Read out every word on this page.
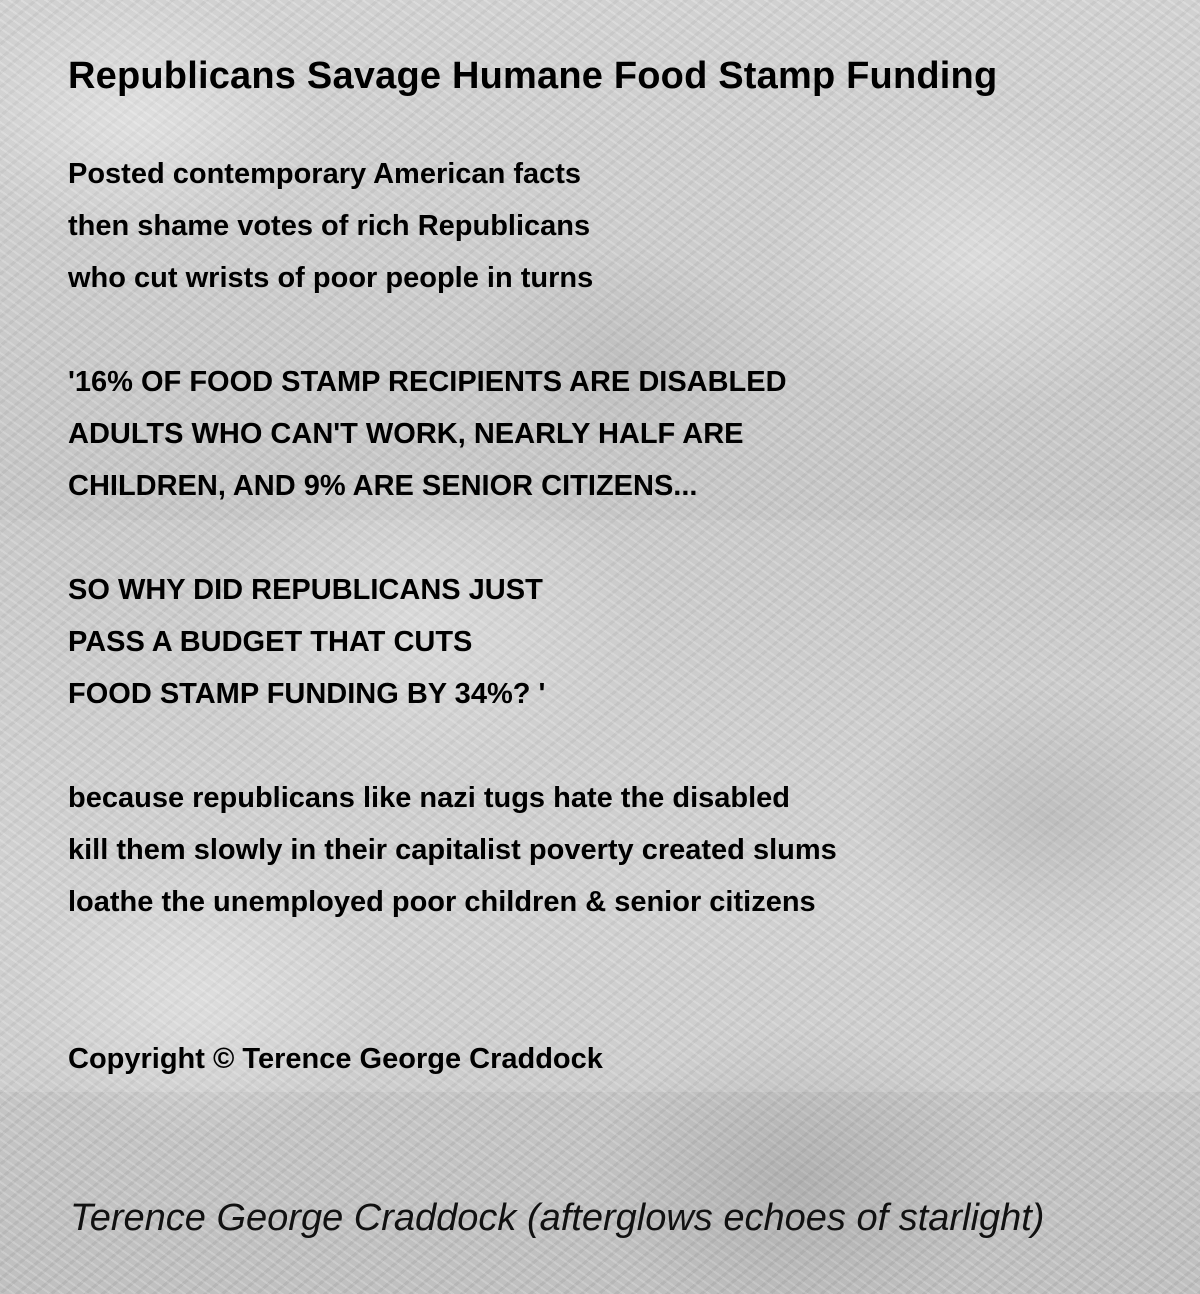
Republicans Savage Humane Food Stamp Funding
Posted contemporary American facts
then shame votes of rich Republicans
who cut wrists of poor people in turns
'16% OF FOOD STAMP RECIPIENTS ARE DISABLED
ADULTS WHO CAN'T WORK, NEARLY HALF ARE
CHILDREN, AND 9% ARE SENIOR CITIZENS...
SO WHY DID REPUBLICANS JUST
PASS A BUDGET THAT CUTS
FOOD STAMP FUNDING BY 34%? '
because republicans like nazi tugs hate the disabled
kill them slowly in their capitalist poverty created slums
loathe the unemployed poor children & senior citizens
Copyright © Terence George Craddock
Terence George Craddock (afterglows echoes of starlight)
